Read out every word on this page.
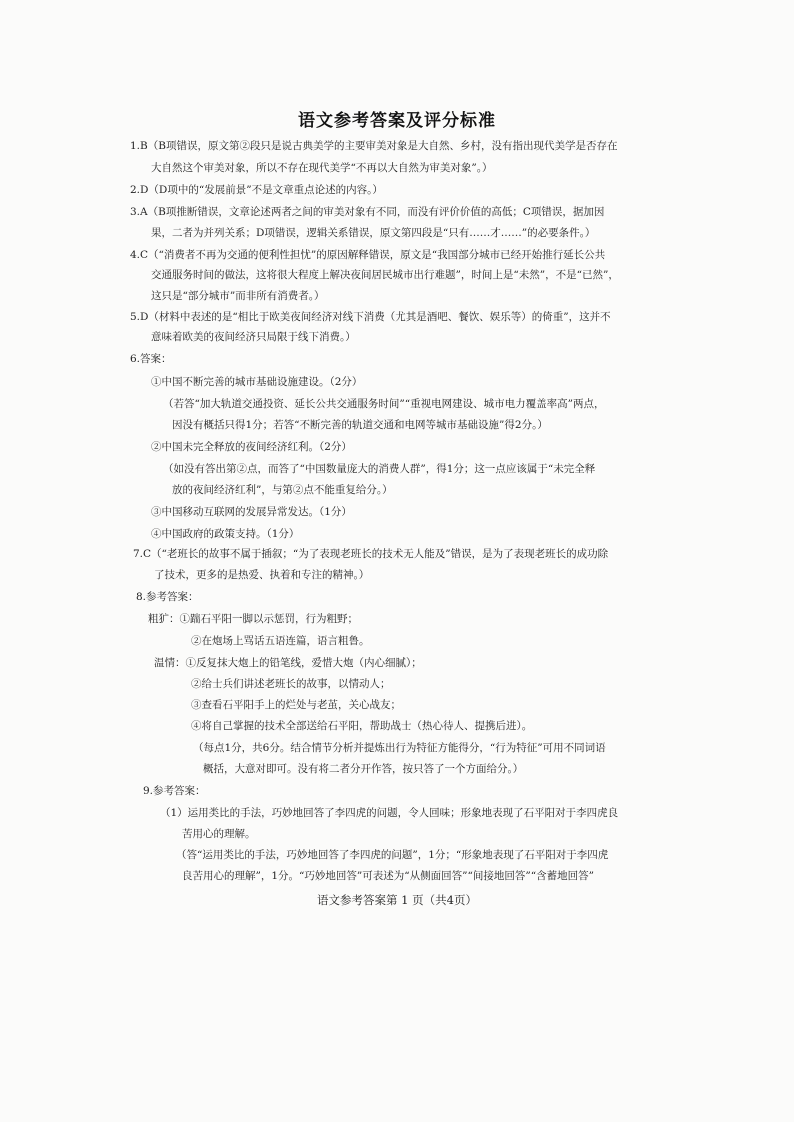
语文参考答案及评分标准
1.B（B项错误，原文第②段只是说古典美学的主要审美对象是大自然、乡村，没有指出现代美学是否存在
大自然这个审美对象，所以不存在现代美学“不再以大自然为审美对象”。）
2.D（D项中的“发展前景”不是文章重点论述的内容。）
3.A（B项推断错误，文章论述两者之间的审美对象有不同，而没有评价价值的高低；C项错误，据加因
果，二者为并列关系；D项错误，逻辑关系错误，原文第四段是“只有……才……”的必要条件。）
4.C（“消费者不再为交通的便利性担忧”的原因解释错误，原文是“我国部分城市已经开始推行延长公共
交通服务时间的做法，这将很大程度上解决夜间居民城市出行难题”，时间上是“未然”，不是“已然”，
这只是“部分城市”而非所有消费者。）
5.D（材料中表述的是“相比于欧美夜间经济对线下消费（尤其是酒吧、餐饮、娱乐等）的倚重”，这并不
意味着欧美的夜间经济只局限于线下消费。）
6.答案：
①中国不断完善的城市基础设施建设。（2分）
（若答“加大轨道交通投资、延长公共交通服务时间”“重视电网建设、城市电力覆盖率高”两点，
因没有概括只得1分；若答“不断完善的轨道交通和电网等城市基础设施”得2分。）
②中国未完全释放的夜间经济红利。（2分）
（如没有答出第②点，而答了“中国数量庞大的消费人群”，得1分；这一点应该属于“未完全释
放的夜间经济红利”，与第②点不能重复给分。）
③中国移动互联网的发展异常发达。（1分）
④中国政府的政策支持。（1分）
7.C（“老班长的故事不属于插叙；“为了表现老班长的技术无人能及”错误，是为了表现老班长的成功除
了技术，更多的是热爱、执着和专注的精神。）
8.参考答案：
粗犷：①踹石平阳一脚以示惩罚，行为粗野；
②在炮场上骂话五语连篇，语言粗鲁。
温情：①反复抹大炮上的铅笔线，爱惜大炮（内心细腻）；
②给士兵们讲述老班长的故事，以情动人；
③查看石平阳手上的烂处与老茧，关心战友；
④将自己掌握的技术全部送给石平阳，帮助战士（热心待人、提携后进）。
（每点1分，共6分。结合情节分析并提炼出行为特征方能得分，“行为特征”可用不同词语
概括，大意对即可。没有将二者分开作答，按只答了一个方面给分。）
9.参考答案：
（1）运用类比的手法，巧妙地回答了李四虎的问题，令人回味；形象地表现了石平阳对于李四虎良
苦用心的理解。
（答“运用类比的手法，巧妙地回答了李四虎的问题”，1分；“形象地表现了石平阳对于李四虎
良苦用心的理解”，1分。“巧妙地回答”可表述为“从侧面回答”“间接地回答”“含蓄地回答”
语文参考答案第 1 页（共4页）
